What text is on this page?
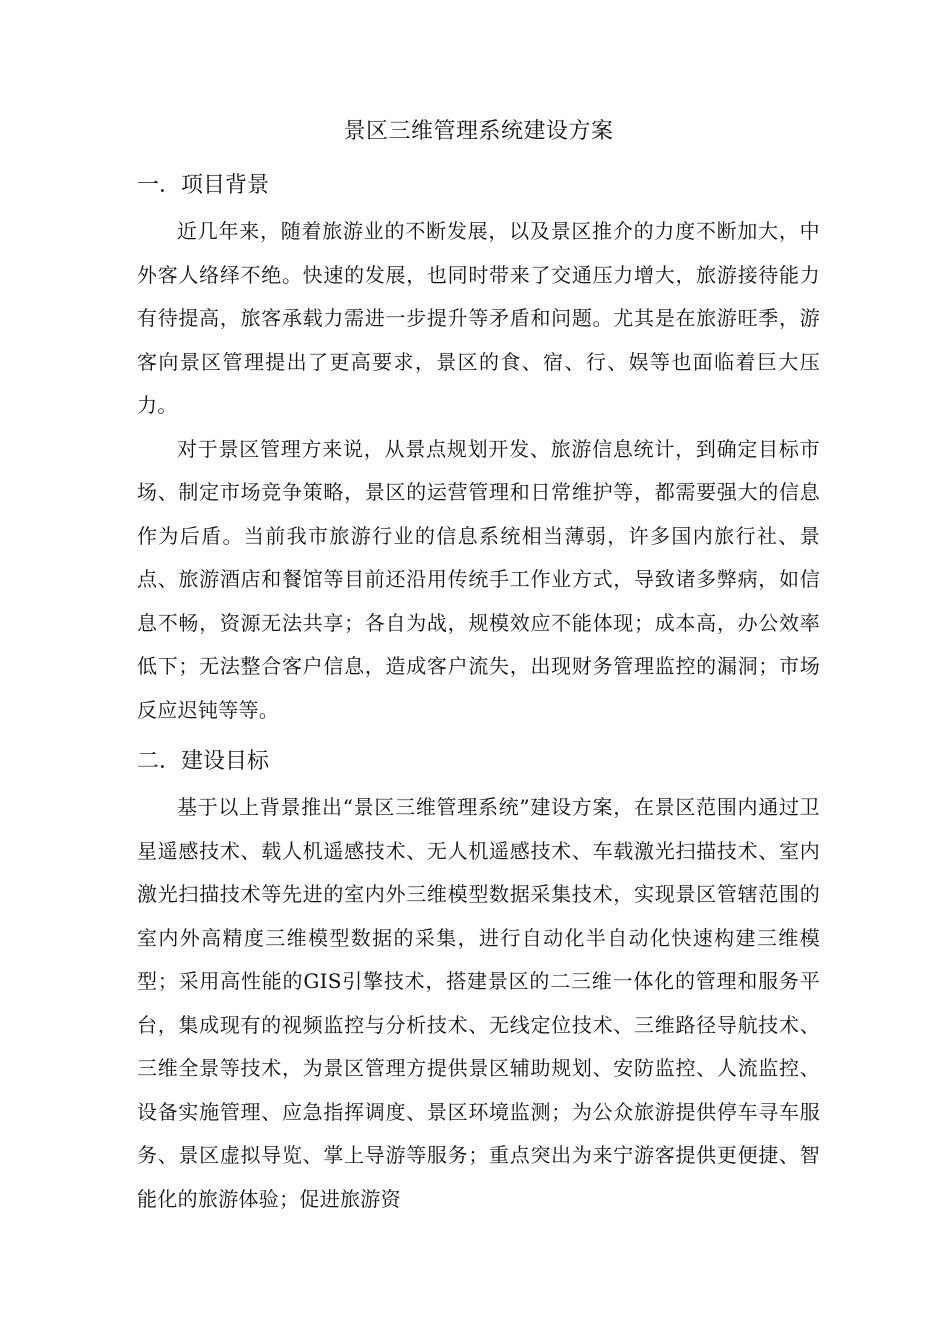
景区三维管理系统建设方案
一．项目背景

近几年来，随着旅游业的不断发展，以及景区推介的力度不断加大，中外客人络绎不绝。快速的发展，也同时带来了交通压力增大，旅游接待能力有待提高，旅客承载力需进一步提升等矛盾和问题。尤其是在旅游旺季，游客向景区管理提出了更高要求，景区的食、宿、行、娱等也面临着巨大压力。

对于景区管理方来说，从景点规划开发、旅游信息统计，到确定目标市场、制定市场竞争策略，景区的运营管理和日常维护等，都需要强大的信息作为后盾。当前我市旅游行业的信息系统相当薄弱，许多国内旅行社、景点、旅游酒店和餐馆等目前还沿用传统手工作业方式，导致诸多弊病，如信息不畅，资源无法共享；各自为战，规模效应不能体现；成本高，办公效率低下；无法整合客户信息，造成客户流失，出现财务管理监控的漏洞；市场反应迟钝等等。

二．建设目标

基于以上背景推出“景区三维管理系统”建设方案，在景区范围内通过卫星遥感技术、载人机遥感技术、无人机遥感技术、车载激光扫描技术、室内激光扫描技术等先进的室内外三维模型数据采集技术，实现景区管辖范围的室内外高精度三维模型数据的采集，进行自动化半自动化快速构建三维模型；采用高性能的GIS引擎技术，搭建景区的二三维一体化的管理和服务平台，集成现有的视频监控与分析技术、无线定位技术、三维路径导航技术、三维全景等技术，为景区管理方提供景区辅助规划、安防监控、人流监控、设备实施管理、应急指挥调度、景区环境监测；为公众旅游提供停车寻车服务、景区虚拟导览、掌上导游等服务；重点突出为来宁游客提供更便捷、智能化的旅游体验；促进旅游资
